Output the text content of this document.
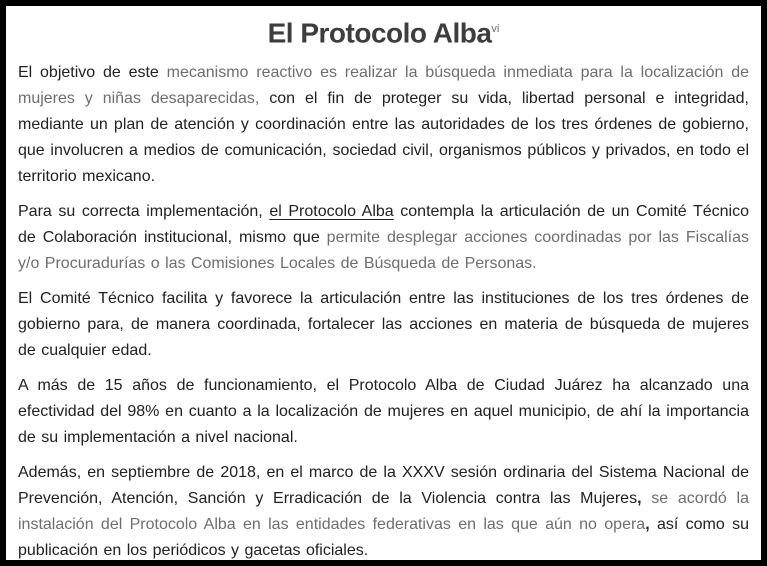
El Protocolo Alba$^{vi}$

El objetivo de este mecanismo reactivo es realizar la búsqueda inmediata para la localización de mujeres y niñas desaparecidas, con el fin de proteger su vida, libertad personal e integridad, mediante un plan de atención y coordinación entre las autoridades de los tres órdenes de gobierno, que involucren a medios de comunicación, sociedad civil, organismos públicos y privados, en todo el territorio mexicano.

Para su correcta implementación, el Protocolo Alba contempla la articulación de un Comité Técnico de Colaboración institucional, mismo que permite desplegar acciones coordinadas por las Fiscalías y/o Procuradurías o las Comisiones Locales de Búsqueda de Personas.

El Comité Técnico facilita y favorece la articulación entre las instituciones de los tres órdenes de gobierno para, de manera coordinada, fortalecer las acciones en materia de búsqueda de mujeres de cualquier edad.

A más de 15 años de funcionamiento, el Protocolo Alba de Ciudad Juárez ha alcanzado una efectividad del 98% en cuanto a la localización de mujeres en aquel municipio, de ahí la importancia de su implementación a nivel nacional.

Además, en septiembre de 2018, en el marco de la XXXV sesión ordinaria del Sistema Nacional de Prevención, Atención, Sanción y Erradicación de la Violencia contra las Mujeres, se acordó la instalación del Protocolo Alba en las entidades federativas en las que aún no opera, así como su publicación en los periódicos y gacetas oficiales.
